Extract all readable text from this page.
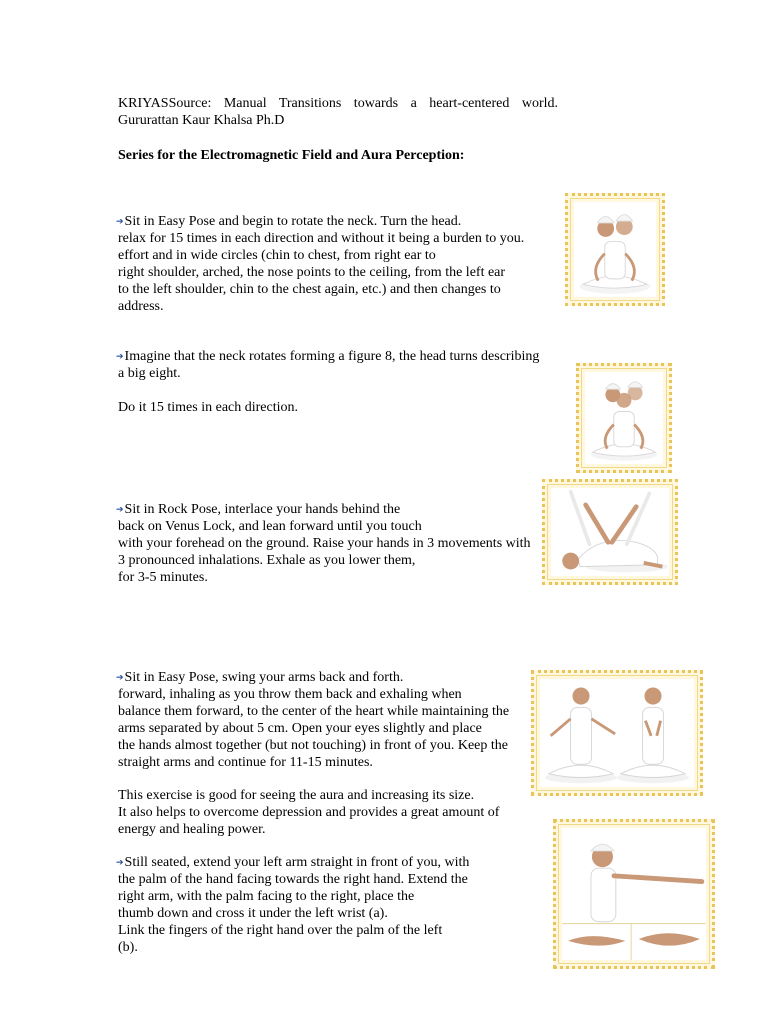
KRIYASSource: Manual Transitions towards a heart-centered world.
Gururattan Kaur Khalsa Ph.D
Series for the Electromagnetic Field and Aura Perception:
➔Sit in Easy Pose and begin to rotate the neck. Turn the head.
relax for 15 times in each direction and without it being a burden to you.
effort and in wide circles (chin to chest, from right ear to
right shoulder, arched, the nose points to the ceiling, from the left ear
to the left shoulder, chin to the chest again, etc.) and then changes to
address.
➔Imagine that the neck rotates forming a figure 8, the head turns describing
a big eight.
Do it 15 times in each direction.
➔Sit in Rock Pose, interlace your hands behind the
back on Venus Lock, and lean forward until you touch
with your forehead on the ground. Raise your hands in 3 movements with
3 pronounced inhalations. Exhale as you lower them,
for 3-5 minutes.
➔Sit in Easy Pose, swing your arms back and forth.
forward, inhaling as you throw them back and exhaling when
balance them forward, to the center of the heart while maintaining the
arms separated by about 5 cm. Open your eyes slightly and place
the hands almost together (but not touching) in front of you. Keep the
straight arms and continue for 11-15 minutes.
This exercise is good for seeing the aura and increasing its size.
It also helps to overcome depression and provides a great amount of
energy and healing power.
➔Still seated, extend your left arm straight in front of you, with
the palm of the hand facing towards the right hand. Extend the
right arm, with the palm facing to the right, place the
thumb down and cross it under the left wrist (a).
Link the fingers of the right hand over the palm of the left
(b).
